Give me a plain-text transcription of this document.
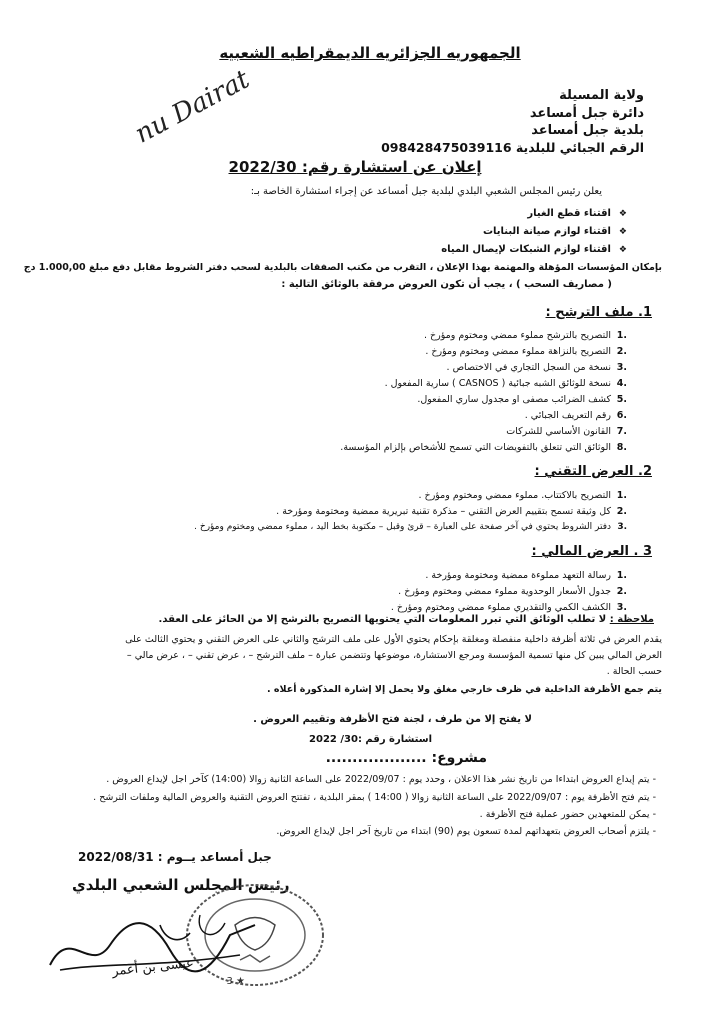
الجمهوريه الجزائريه الديمقراطيه الشعبيه
ولاية المسيلة
دائرة جبل أمساعد
بلدية جبل أمساعد
الرقم الجبائي للبلدية 098428475039116
nu Dairat
إعلان عن استشارة رقم: 2022/30
يعلن رئيس المجلس الشعبي البلدي لبلدية جبل أمساعد عن إجراء استشارة الخاصة بـ:
❖اقتناء قطع الغيار
❖اقتناء لوازم صيانة البنايات
❖اقتناء لوازم الشبكات لإيصال المياه
بإمكان المؤسسات المؤهلة والمهتمة بهذا الإعلان ، التقرب من مكتب الصفقات بالبلدية لسحب دفتر الشروط مقابل دفع مبلغ 1.000,00 دج
( مصاريف السحب ) ، يجب أن تكون العروض مرفقة بالوثائق التالية :
1. ملف الترشح :
.1التصريح بالترشح مملوء ممضي ومختوم ومؤرخ .
.2التصريح بالنزاهة مملوء ممضي ومختوم ومؤرخ .
.3نسخة من السجل التجاري في الاختصاص .
.4نسخة للوثائق الشبه جبائية ( CASNOS ) سارية المفعول .
.5كشف الضرائب مصفى او مجدول ساري المفعول.
.6رقم التعريف الجبائي .
.7القانون الأساسي للشركات
.8الوثائق التي تتعلق بالتفويضات التي تسمح للأشخاص بإلزام المؤسسة.
2. العرض التقني :
.1التصريح بالاكتتاب. مملوء ممضي ومختوم ومؤرخ .
.2كل وثيقة تسمح بتقييم العرض التقني – مذكرة تقنية تبريرية ممضية ومختومة ومؤرخة .
.3دفتر الشروط يحتوي في آخر صفحة على العبارة – قرئ وقبل – مكتوبة بخط اليد ، مملوء ممضي ومختوم ومؤرخ .
3 . العرض المالي :
.1رسالة التعهد مملوءة ممضية ومختومة ومؤرخة .
.2جدول الأسعار الوحدوية مملوء ممضي ومختوم ومؤرخ .
.3الكشف الكمي والتقديري مملوء ممضي ومختوم ومؤرخ .
ملاحظة : لا تطلب الوثائق التي تبرر المعلومات التي يحتويها التصريح بالترشح إلا من الحائز على العقد.
يقدم العرض في ثلاثة أظرفة داخلية منفصلة ومغلقة بإحكام يحتوي الأول على ملف الترشح والثاني على العرض التقني و يحتوي الثالث على
العرض المالي يبين كل منها تسمية المؤسسة ومرجع الاستشارة، موضوعها وتتضمن عبارة – ملف الترشح – ، عرض تقني – ، عرض مالي –
حسب الحالة .
يتم جمع الأظرفة الداخلية في ظرف خارجي مغلق ولا يحمل إلا إشارة المذكورة أعلاه .
لا يفتح إلا من طرف ، لجنة فتح الأظرفة وتقييم العروض .
استشارة رقم :30/ 2022
مشروع: ...................
- يتم إيداع العروض ابتداءا من تاريخ نشر هذا الاعلان ، وحدد يوم : 2022/09/07 على الساعة الثانية زوالا (14:00) كآخر اجل لإيداع العروض .
- يتم فتح الأظرفة يوم : 2022/09/07 على الساعة الثانية زوالا ( 14:00 ) بمقر البلدية ، تفتتح العروض التقنية والعروض المالية وملفات الترشح .
- يمكن للمتعهدين حضور عملية فتح الأظرفة .
- يلتزم أصحاب العروض بتعهداتهم لمدة تسعون يوم (90) ابتداء من تاريخ آخر اجل لإيداع العروض.
جبل أمساعد يــوم : 2022/08/31
رئيس المجلس الشعبي البلدي
★ 3
عيسى بن أعمر
